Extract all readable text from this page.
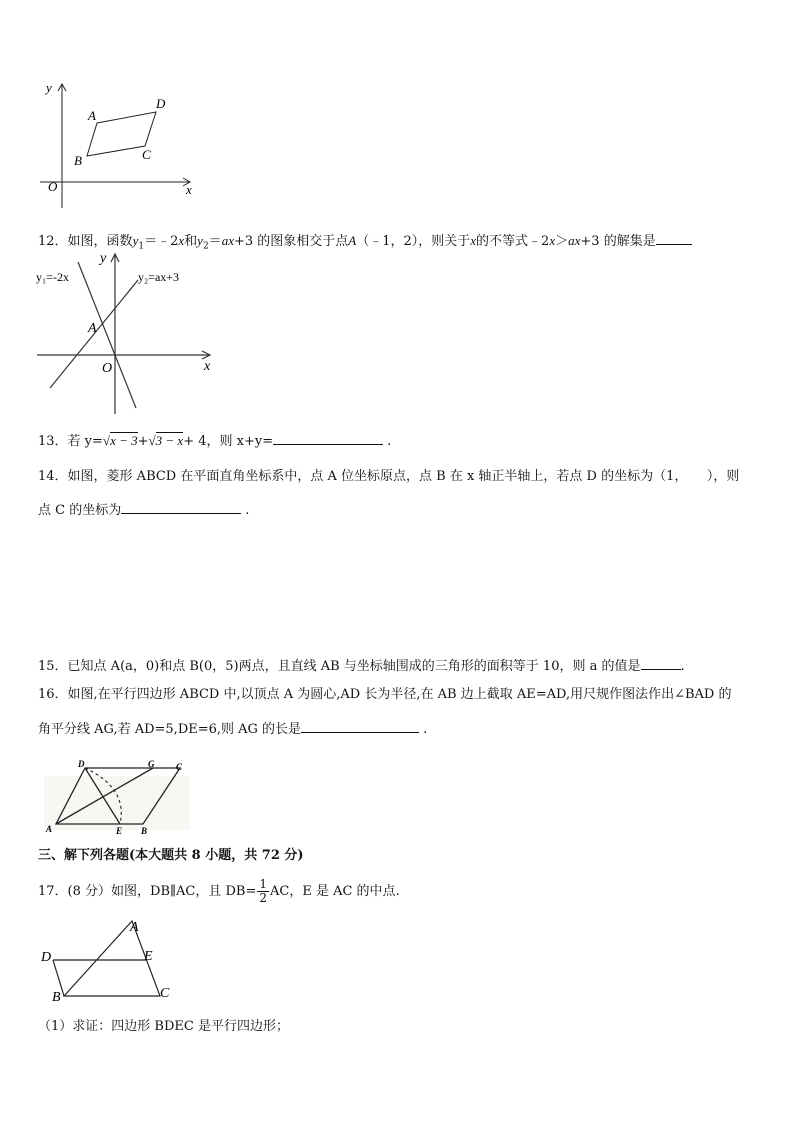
y
x
O
A
D
B	C
12．如图，函数$y_1=﹣2x$和$y_2=ax+3$ 的图象相交于点A（﹣1，2），则关于x的不等式﹣2x＞ax+3 的解集是
y₁=-2x	y₂=ax+3
y
x
A
O
13．若 y=√x − 3+√3 − x+ 4，则 x+y=	.
14．如图，菱形 ABCD 在平面直角坐标系中，点 A 位坐标原点，点 B 在 x 轴正半轴上，若点 D 的坐标为（1，　　），则
点 C 的坐标为	.
15．已知点 A(a，0)和点 B(0，5)两点，且直线 AB 与坐标轴围成的三角形的面积等于 10，则 a 的值是	.
16．如图,在平行四边形 ABCD 中,以顶点 A 为圆心,AD 长为半径,在 AB 边上截取 AE=AD,用尺规作图法作出∠BAD 的
角平分线 AG,若 AD=5,DE=6,则 AG 的长是	.
D	G C
A	E B
三、解下列各题(本大题共 8 小题，共 72 分)
17．(8 分）如图，DB∥AC，且 $DB= \frac{1}{2}$ AC，E 是 AC 的中点.
A
D	E
B	C
（1）求证：四边形 BDEC 是平行四边形；
